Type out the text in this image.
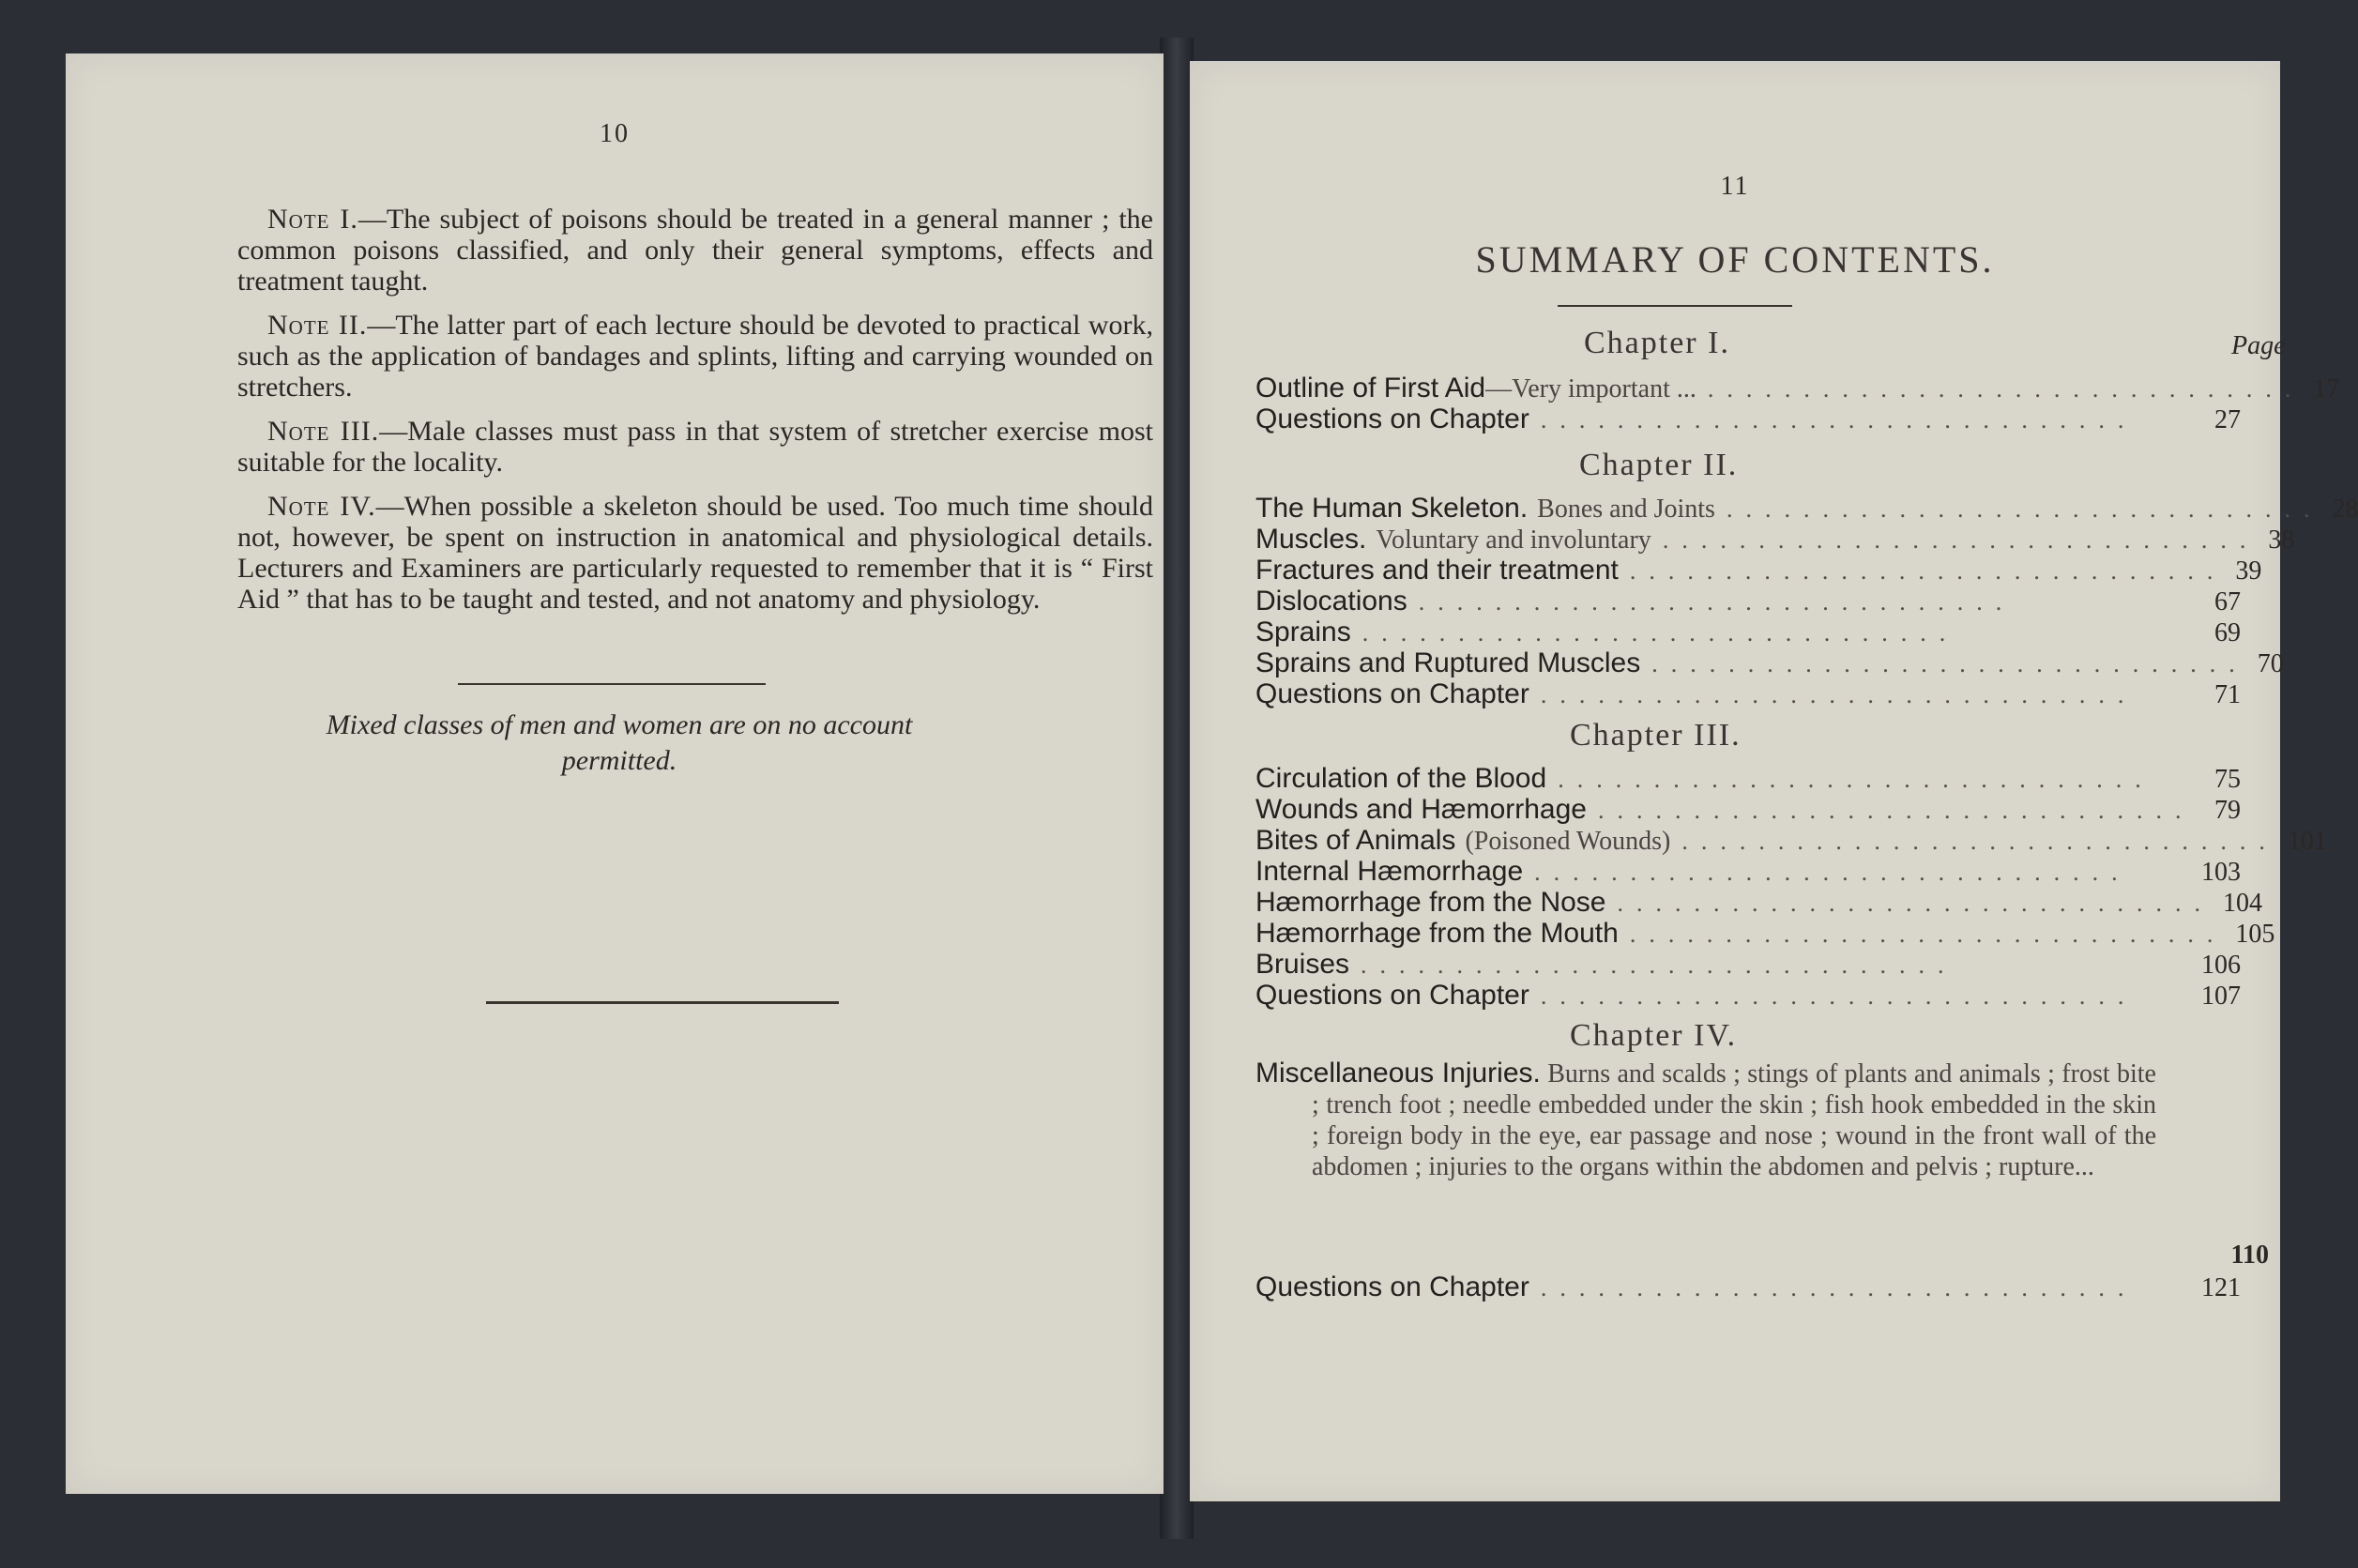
10

Note I.—The subject of poisons should be treated in a general manner ; the common poisons classified, and only their general symptoms, effects and treatment taught.

Note II.—The latter part of each lecture should be devoted to practical work, such as the application of bandages and splints, lifting and carrying wounded on stretchers.

Note III.—Male classes must pass in that system of stretcher exercise most suitable for the locality.

Note IV.—When possible a skeleton should be used. Too much time should not, however, be spent on instruction in anatomical and physiological details. Lecturers and Examiners are particularly requested to remember that it is “ First Aid ” that has to be taught and tested, and not anatomy and physiology.

Mixed classes of men and women are on no account permitted.
11
SUMMARY OF CONTENTS.
Page
Chapter I.
Outline of First Aid —Very important ... ............................... 17
Questions on Chapter ...............................	27
Chapter II.
The Human Skeleton. Bones and Joints ............................... 28
Muscles. Voluntary and involuntary ............................... 38
Fractures and their treatment ............................... 39
Dislocations ...............................	67
Sprains ...............................	69
Sprains and Ruptured Muscles ............................... 70
Questions on Chapter ...............................	71
Chapter III.
Circulation of the Blood ...............................	75
Wounds and Hæmorrhage ............................... 79
Bites of Animals (Poisoned Wounds) ............................... 101
Internal Hæmorrhage ...............................	103
Hæmorrhage from the Nose ............................... 104
Hæmorrhage from the Mouth ............................... 105
Bruises ...............................	106
Questions on Chapter ...............................	107
Chapter IV.
Miscellaneous Injuries. Burns and scalds ; stings of plants and animals ; frost bite ; trench foot ; needle embedded under the skin ; fish hook embedded in the skin ; foreign body in the eye, ear passage and nose ; wound in the front wall of the abdomen ; injuries to the organs within the abdomen and pelvis ; rupture...
110
Questions on Chapter ...............................	121
